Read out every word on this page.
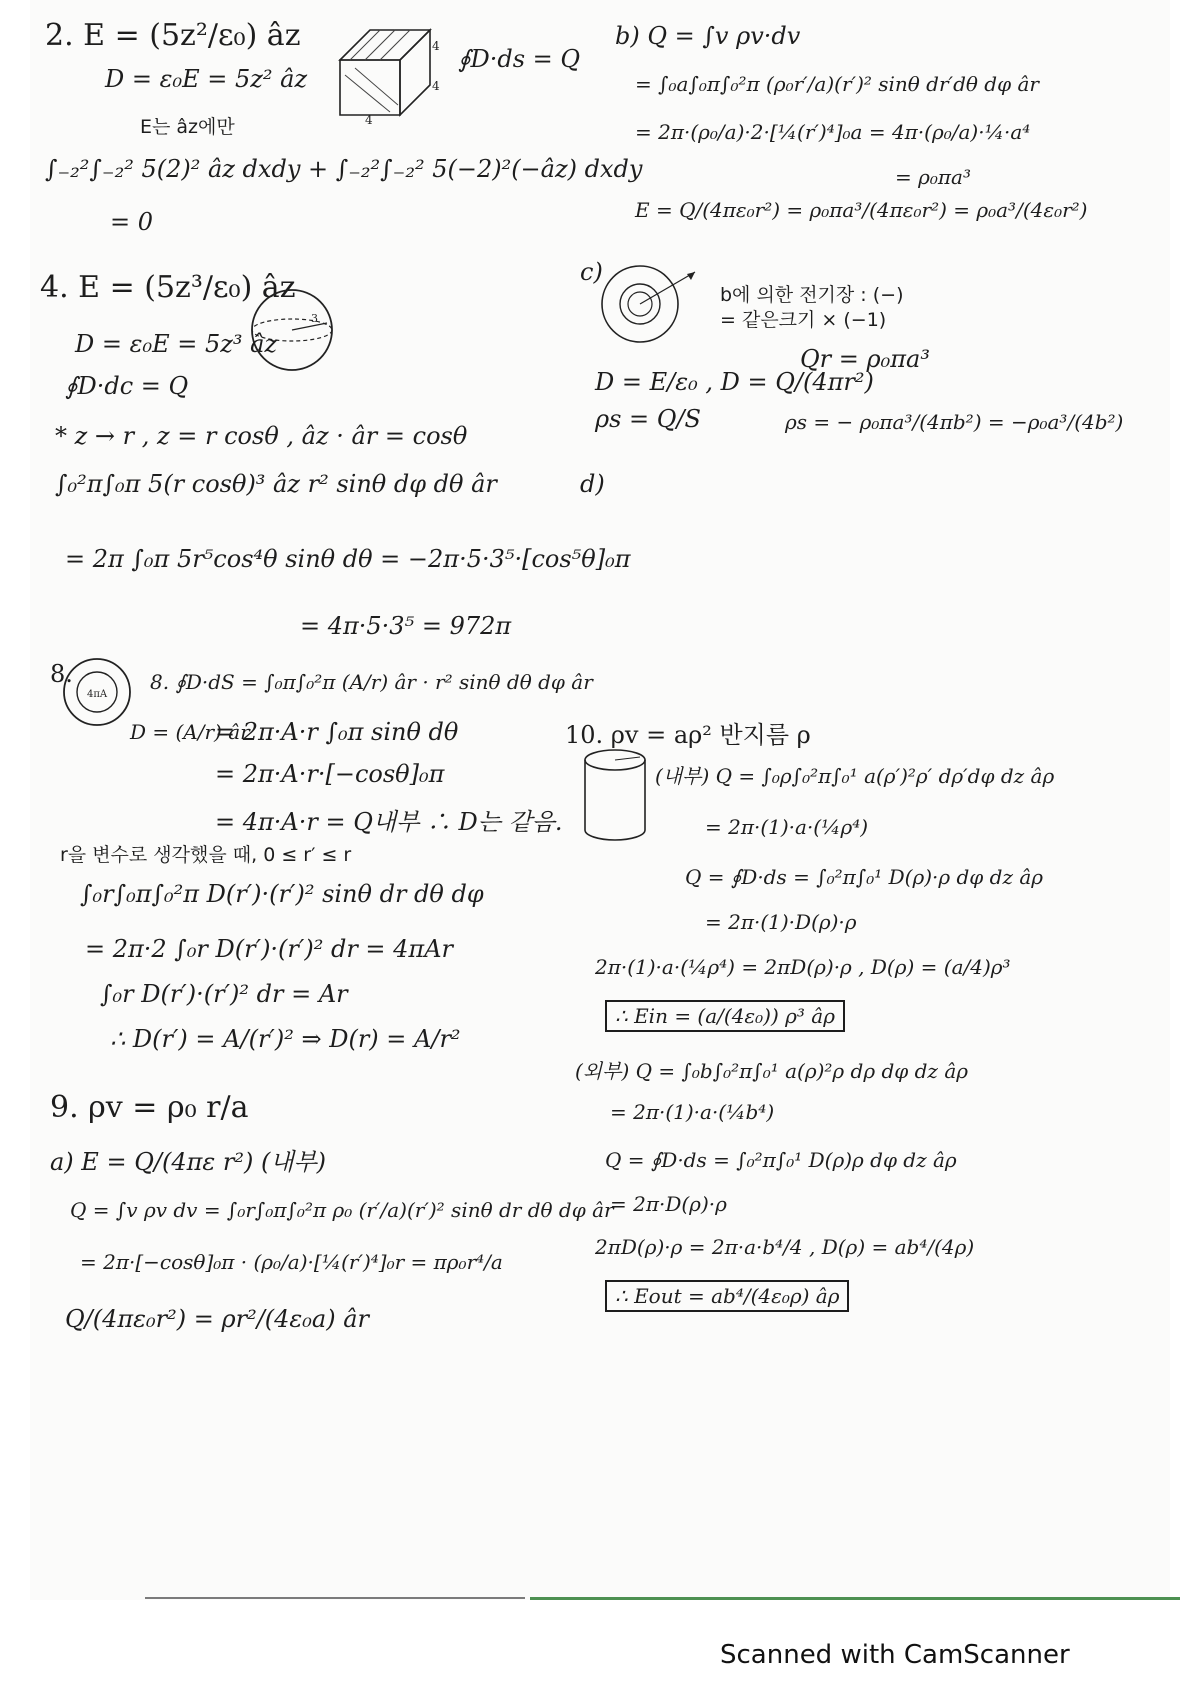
2. E = (5z²/ε₀) âz
D = ε₀E = 5z² âz
E는 âz에만
∮D·ds = Q
4
4
4
∫₋₂²∫₋₂² 5(2)² âz dxdy + ∫₋₂²∫₋₂² 5(−2)²(−âz) dxdy
= 0
4. E = (5z³/ε₀) âz
3
D = ε₀E = 5z³ âz
∮D·dc = Q
* z → r , z = r cosθ , âz · âr = cosθ
∫₀²π∫₀π 5(r cosθ)³ âz r² sinθ dφ dθ âr
= 2π ∫₀π 5r⁵cos⁴θ sinθ dθ = −2π·5·3⁵·[cos⁵θ]₀π
= 4π·5·3⁵ = 972π
4πA
8.	8. ∮D·dS = ∫₀π∫₀²π (A/r) âr · r² sinθ dθ dφ âr
D = (A/r) âr
= 2π·A·r ∫₀π sinθ dθ
= 2π·A·r·[−cosθ]₀π
= 4π·A·r = Q내부 ∴ D는 같음.
r을 변수로 생각했을 때, 0 ≤ r′ ≤ r
∫₀r∫₀π∫₀²π D(r′)·(r′)² sinθ dr dθ dφ
= 2π·2 ∫₀r D(r′)·(r′)² dr = 4πAr
∫₀r D(r′)·(r′)² dr = Ar
∴ D(r′) = A/(r′)² ⇒ D(r) = A/r²
9. ρv = ρ₀ r/a
a) E = Q/(4πε r²) (내부)
Q = ∫v ρv dv = ∫₀r∫₀π∫₀²π ρ₀ (r′/a)(r′)² sinθ dr dθ dφ âr
= 2π·[−cosθ]₀π · (ρ₀/a)·[¼(r′)⁴]₀r = πρ₀r⁴/a
Q/(4πε₀r²) = ρr²/(4ε₀a) âr
b) Q = ∫v ρv·dv
= ∫₀a∫₀π∫₀²π (ρ₀r′/a)(r′)² sinθ dr′dθ dφ âr
= 2π·(ρ₀/a)·2·[¼(r′)⁴]₀a = 4π·(ρ₀/a)·¼·a⁴
= ρ₀πa³
E = Q/(4πε₀r²) = ρ₀πa³/(4πε₀r²) = ρ₀a³/(4ε₀r²)
c)
b에 의한 전기장 : (−)
= 같은크기 × (−1)
D = E/ε₀ , D = Q/(4πr²)
ρs = Q/S
Qr = ρ₀πa³
ρs = − ρ₀πa³/(4πb²) = −ρ₀a³/(4b²)
d)
10. ρv = aρ² 반지름 ρ
(내부) Q = ∫₀ρ∫₀²π∫₀¹ a(ρ′)²ρ′ dρ′dφ dz âρ
= 2π·(1)·a·(¼ρ⁴)
Q = ∮D·ds = ∫₀²π∫₀¹ D(ρ)·ρ dφ dz âρ
= 2π·(1)·D(ρ)·ρ
2π·(1)·a·(¼ρ⁴) = 2πD(ρ)·ρ , D(ρ) = (a/4)ρ³
∴ Ein = (a/(4ε₀)) ρ³ âρ
(외부) Q = ∫₀b∫₀²π∫₀¹ a(ρ)²ρ dρ dφ dz âρ
= 2π·(1)·a·(¼b⁴)
Q = ∮D·ds = ∫₀²π∫₀¹ D(ρ)ρ dφ dz âρ
= 2π·D(ρ)·ρ
2πD(ρ)·ρ = 2π·a·b⁴/4 , D(ρ) = ab⁴/(4ρ)
∴ Eout = ab⁴/(4ε₀ρ) âρ
Scanned with CamScanner
